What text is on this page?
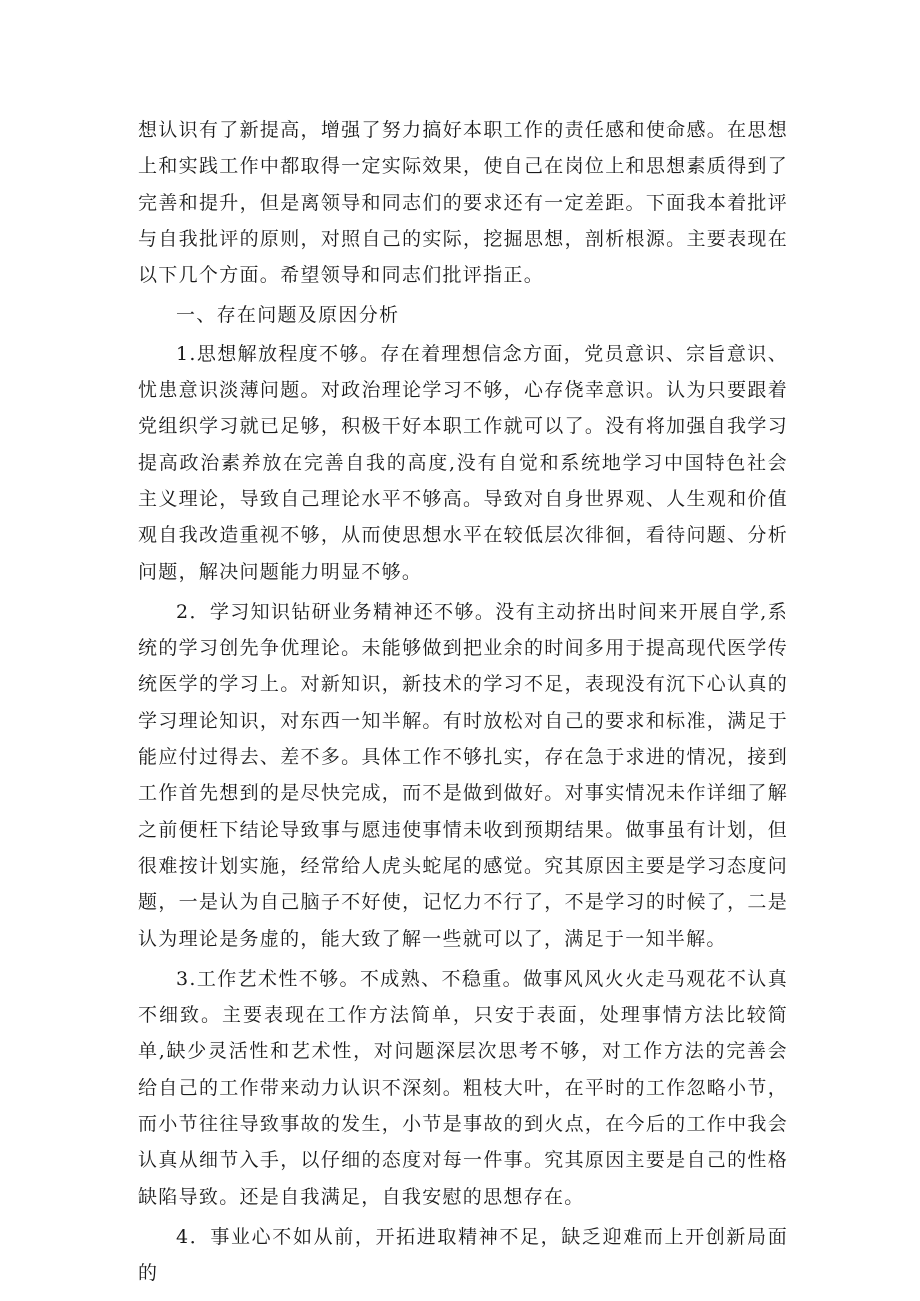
想认识有了新提高，增强了努力搞好本职工作的责任感和使命感。在思想上和实践工作中都取得一定实际效果，使自己在岗位上和思想素质得到了完善和提升，但是离领导和同志们的要求还有一定差距。下面我本着批评与自我批评的原则，对照自己的实际，挖掘思想，剖析根源。主要表现在以下几个方面。希望领导和同志们批评指正。

一、存在问题及原因分析

1.思想解放程度不够。存在着理想信念方面，党员意识、宗旨意识、忧患意识淡薄问题。对政治理论学习不够，心存侥幸意识。认为只要跟着党组织学习就已足够，积极干好本职工作就可以了。没有将加强自我学习提高政治素养放在完善自我的高度,没有自觉和系统地学习中国特色社会主义理论，导致自己理论水平不够高。导致对自身世界观、人生观和价值观自我改造重视不够，从而使思想水平在较低层次徘徊，看待问题、分析问题，解决问题能力明显不够。

2．学习知识钻研业务精神还不够。没有主动挤出时间来开展自学,系统的学习创先争优理论。未能够做到把业余的时间多用于提高现代医学传统医学的学习上。对新知识，新技术的学习不足，表现没有沉下心认真的学习理论知识，对东西一知半解。有时放松对自己的要求和标准，满足于能应付过得去、差不多。具体工作不够扎实，存在急于求进的情况，接到工作首先想到的是尽快完成，而不是做到做好。对事实情况未作详细了解之前便枉下结论导致事与愿违使事情未收到预期结果。做事虽有计划，但很难按计划实施，经常给人虎头蛇尾的感觉。究其原因主要是学习态度问题，一是认为自己脑子不好使，记忆力不行了，不是学习的时候了，二是认为理论是务虚的，能大致了解一些就可以了，满足于一知半解。

3.工作艺术性不够。不成熟、不稳重。做事风风火火走马观花不认真不细致。主要表现在工作方法简单，只安于表面，处理事情方法比较简单,缺少灵活性和艺术性，对问题深层次思考不够，对工作方法的完善会给自己的工作带来动力认识不深刻。粗枝大叶，在平时的工作忽略小节，而小节往往导致事故的发生，小节是事故的到火点，在今后的工作中我会认真从细节入手，以仔细的态度对每一件事。究其原因主要是自己的性格缺陷导致。还是自我满足，自我安慰的思想存在。

4．事业心不如从前，开拓进取精神不足，缺乏迎难而上开创新局面的
